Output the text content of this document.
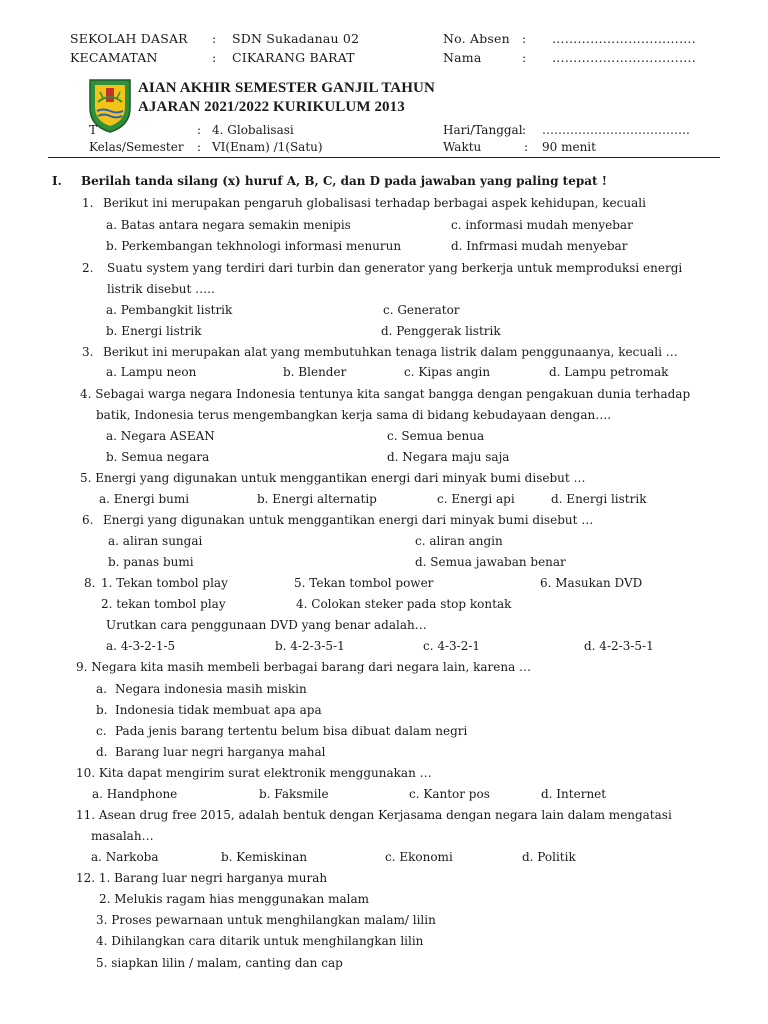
SEKOLAH DASAR : SDN Sukadanau 02	No. Absen : …………………………….
KECAMATAN	: CIKARANG BARAT	Nama	: …………………………….
AIAN AKHIR SEMESTER GANJIL TAHUN
AJARAN 2021/2022 KURIKULUM 2013
T	: 4. Globalisasi	Hari/Tanggal : ……………………………….
Kelas/Semester : VI(Enam) /1(Satu)	Waktu	: 90 menit
I. Berilah tanda silang (x) huruf A, B, C, dan D pada jawaban yang paling tepat !
1. Berikut ini merupakan pengaruh globalisasi terhadap berbagai aspek kehidupan, kecuali
a. Batas antara negara semakin menipis	c. informasi mudah menyebar
b. Perkembangan tekhnologi informasi menurun	d. Infrmasi mudah menyebar
2. Suatu system yang terdiri dari turbin dan generator yang berkerja untuk memproduksi energi
listrik disebut …..
a. Pembangkit listrik	c. Generator
b. Energi listrik	d. Penggerak listrik
3. Berikut ini merupakan alat yang membutuhkan tenaga listrik dalam penggunaanya, kecuali …
a. Lampu neon	b. Blender	c. Kipas angin	d. Lampu petromak
4. Sebagai warga negara Indonesia tentunya kita sangat bangga dengan pengakuan dunia terhadap
batik, Indonesia terus mengembangkan kerja sama di bidang kebudayaan dengan….
a. Negara ASEAN	c. Semua benua
b. Semua negara	d. Negara maju saja
5. Energi yang digunakan untuk menggantikan energi dari minyak bumi disebut …
a. Energi bumi	b. Energi alternatip	c. Energi api	d. Energi listrik
6. Energi yang digunakan untuk menggantikan energi dari minyak bumi disebut …
a. aliran sungai	c. aliran angin
b. panas bumi	d. Semua jawaban benar
8. 1. Tekan tombol play	5. Tekan tombol power	6. Masukan DVD
2. tekan tombol play	4. Colokan steker pada stop kontak
Urutkan cara penggunaan DVD yang benar adalah…
a. 4-3-2-1-5	b. 4-2-3-5-1	c. 4-3-2-1	d. 4-2-3-5-1
9. Negara kita masih membeli berbagai barang dari negara lain, karena …
a. Negara indonesia masih miskin
b. Indonesia tidak membuat apa apa
c. Pada jenis barang tertentu belum bisa dibuat dalam negri
d. Barang luar negri harganya mahal
10. Kita dapat mengirim surat elektronik menggunakan …
a. Handphone	b. Faksmile	c. Kantor pos	d. Internet
11. Asean drug free 2015, adalah bentuk dengan Kerjasama dengan negara lain dalam mengatasi
masalah…
a. Narkoba	b. Kemiskinan	c. Ekonomi	d. Politik
12. 1. Barang luar negri harganya murah
2. Melukis ragam hias menggunakan malam
3. Proses pewarnaan untuk menghilangkan malam/ lilin
4. Dihilangkan cara ditarik untuk menghilangkan lilin
5. siapkan lilin / malam, canting dan cap
